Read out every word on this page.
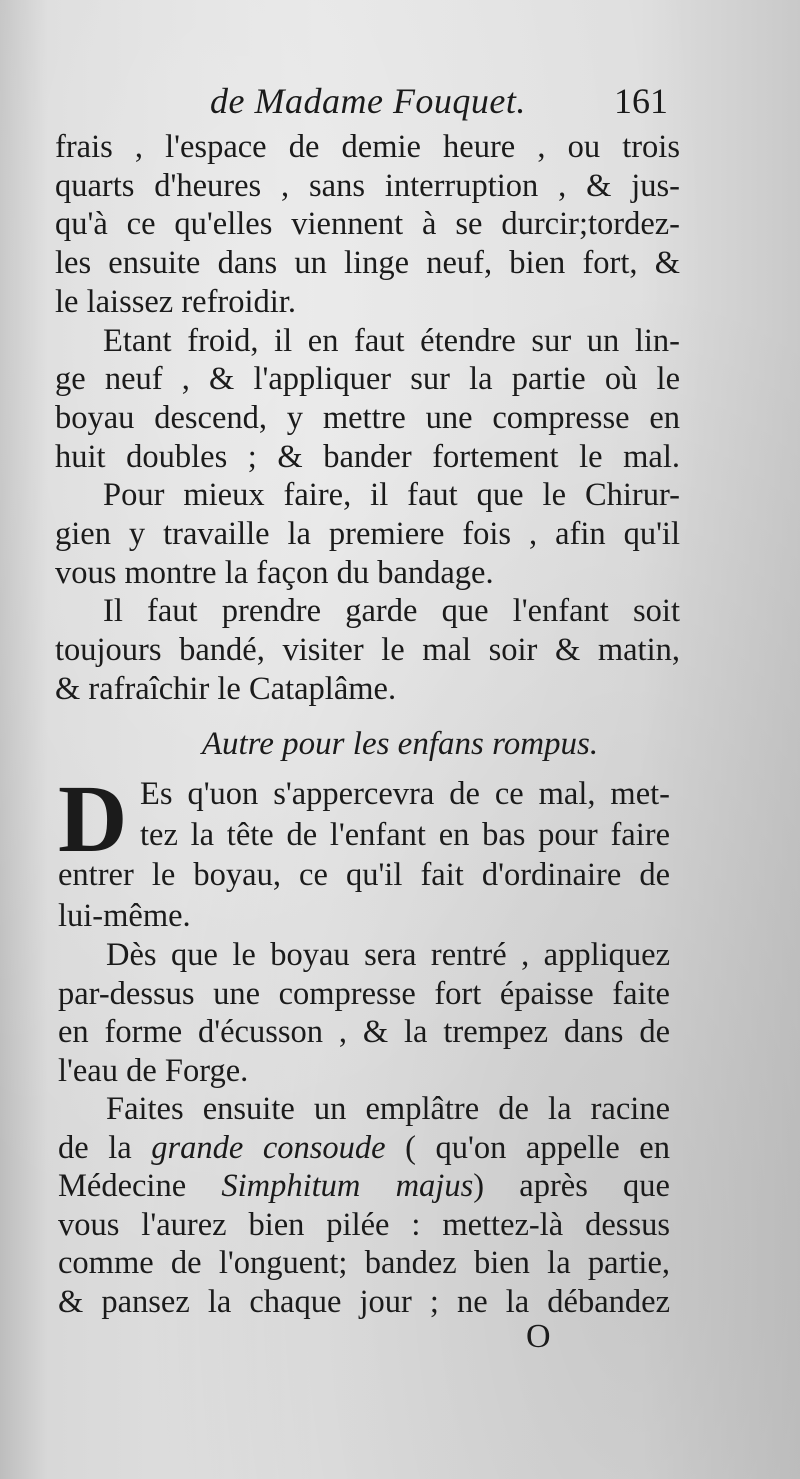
de Madame Fouquet. 161
frais , l'espace de demie heure , ou trois
quarts d'heures , sans interruption , & jus-
qu'à ce qu'elles viennent à se durcir;tordez-
les ensuite dans un linge neuf, bien fort, &
le laissez refroidir.
Etant froid, il en faut étendre sur un lin-
ge neuf , & l'appliquer sur la partie où le
boyau descend, y mettre une compresse en
huit doubles ; & bander fortement le mal.
Pour mieux faire, il faut que le Chirur-
gien y travaille la premiere fois , afin qu'il
vous montre la façon du bandage.
Il faut prendre garde que l'enfant soit
toujours bandé, visiter le mal soir & matin,
& rafraîchir le Cataplâme.
Autre pour les enfans rompus.
D Es q'uon s'appercevra de ce mal, met-
tez la tête de l'enfant en bas pour faire
entrer le boyau, ce qu'il fait d'ordinaire de
lui-même.
Dès que le boyau sera rentré , appliquez
par-dessus une compresse fort épaisse faite
en forme d'écusson , & la trempez dans de
l'eau de Forge.
Faites ensuite un emplâtre de la racine
de la grande consoude ( qu'on appelle en
Médecine Simphitum majus) après que
vous l'aurez bien pilée : mettez-là dessus
comme de l'onguent; bandez bien la partie,
& pansez la chaque jour ; ne la débandez
O
